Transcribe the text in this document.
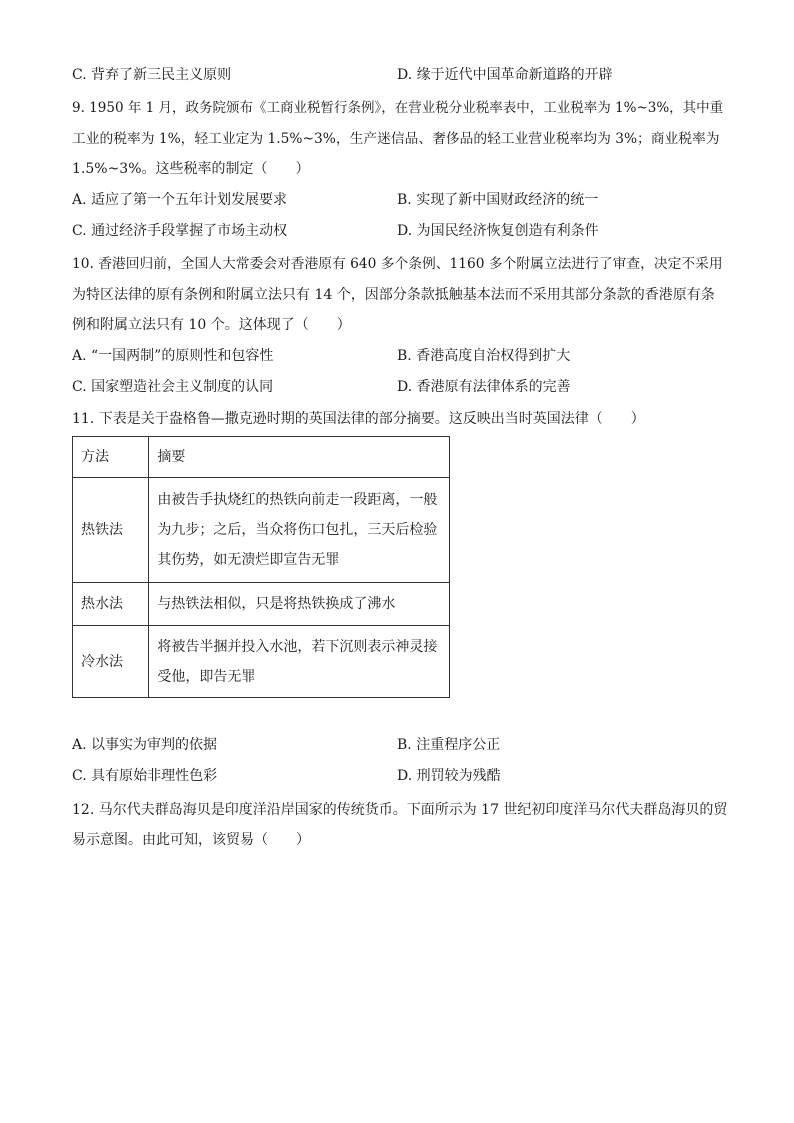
C. 背弃了新三民主义原则	D. 缘于近代中国革命新道路的开辟
9. 1950 年 1 月，政务院颁布《工商业税暂行条例》，在营业税分业税率表中，工业税率为 1%~3%，其中重
工业的税率为 1%，轻工业定为 1.5%~3%，生产迷信品、奢侈品的轻工业营业税率均为 3%；商业税率为
1.5%~3%。这些税率的制定（　　）
A. 适应了第一个五年计划发展要求	B. 实现了新中国财政经济的统一
C. 通过经济手段掌握了市场主动权	D. 为国民经济恢复创造有利条件
10. 香港回归前，全国人大常委会对香港原有 640 多个条例、1160 多个附属立法进行了审查，决定不采用
为特区法律的原有条例和附属立法只有 14 个，因部分条款抵触基本法而不采用其部分条款的香港原有条
例和附属立法只有 10 个。这体现了（　　）
A. “一国两制”的原则性和包容性	B. 香港高度自治权得到扩大
C. 国家塑造社会主义制度的认同	D. 香港原有法律体系的完善
11. 下表是关于盎格鲁—撒克逊时期的英国法律的部分摘要。这反映出当时英国法律（　　）
方法	摘要
热铁法	由被告手执烧红的热铁向前走一段距离，一般
为九步；之后，当众将伤口包扎，三天后检验
其伤势，如无溃烂即宣告无罪

热水法	与热铁法相似，只是将热铁换成了沸水

冷水法	将被告半捆并投入水池，若下沉则表示神灵接
受他，即告无罪
A. 以事实为审判的依据	B. 注重程序公正
C. 具有原始非理性色彩	D. 刑罚较为残酷
12. 马尔代夫群岛海贝是印度洋沿岸国家的传统货币。下面所示为 17 世纪初印度洋马尔代夫群岛海贝的贸
易示意图。由此可知，该贸易（　　）
